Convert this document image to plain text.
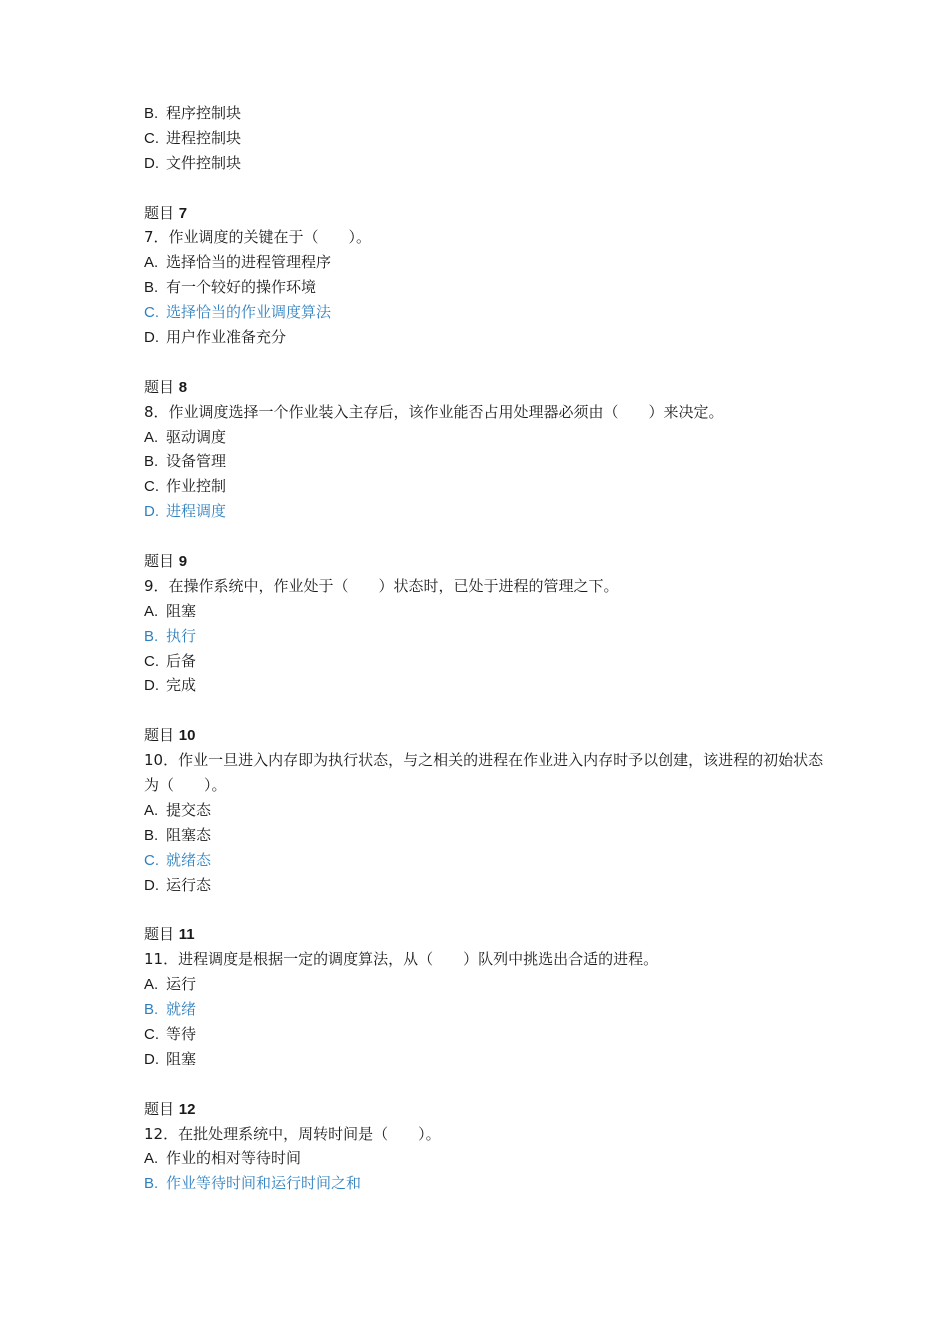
B. 程序控制块
C. 进程控制块
D. 文件控制块
题目 7
7．作业调度的关键在于（　　）。
A. 选择恰当的进程管理程序
B. 有一个较好的操作环境
C. 选择恰当的作业调度算法
D. 用户作业准备充分
题目 8
8．作业调度选择一个作业装入主存后，该作业能否占用处理器必须由（　　）来决定。
A. 驱动调度
B. 设备管理
C. 作业控制
D. 进程调度
题目 9
9．在操作系统中，作业处于（　　）状态时，已处于进程的管理之下。
A. 阻塞
B. 执行
C. 后备
D. 完成
题目 10
10．作业一旦进入内存即为执行状态，与之相关的进程在作业进入内存时予以创建，该进程的初始状态为（　　）。
A. 提交态
B. 阻塞态
C. 就绪态
D. 运行态
题目 11
11．进程调度是根据一定的调度算法，从（　　）队列中挑选出合适的进程。
A. 运行
B. 就绪
C. 等待
D. 阻塞
题目 12
12．在批处理系统中，周转时间是（　　）。
A. 作业的相对等待时间
B. 作业等待时间和运行时间之和
